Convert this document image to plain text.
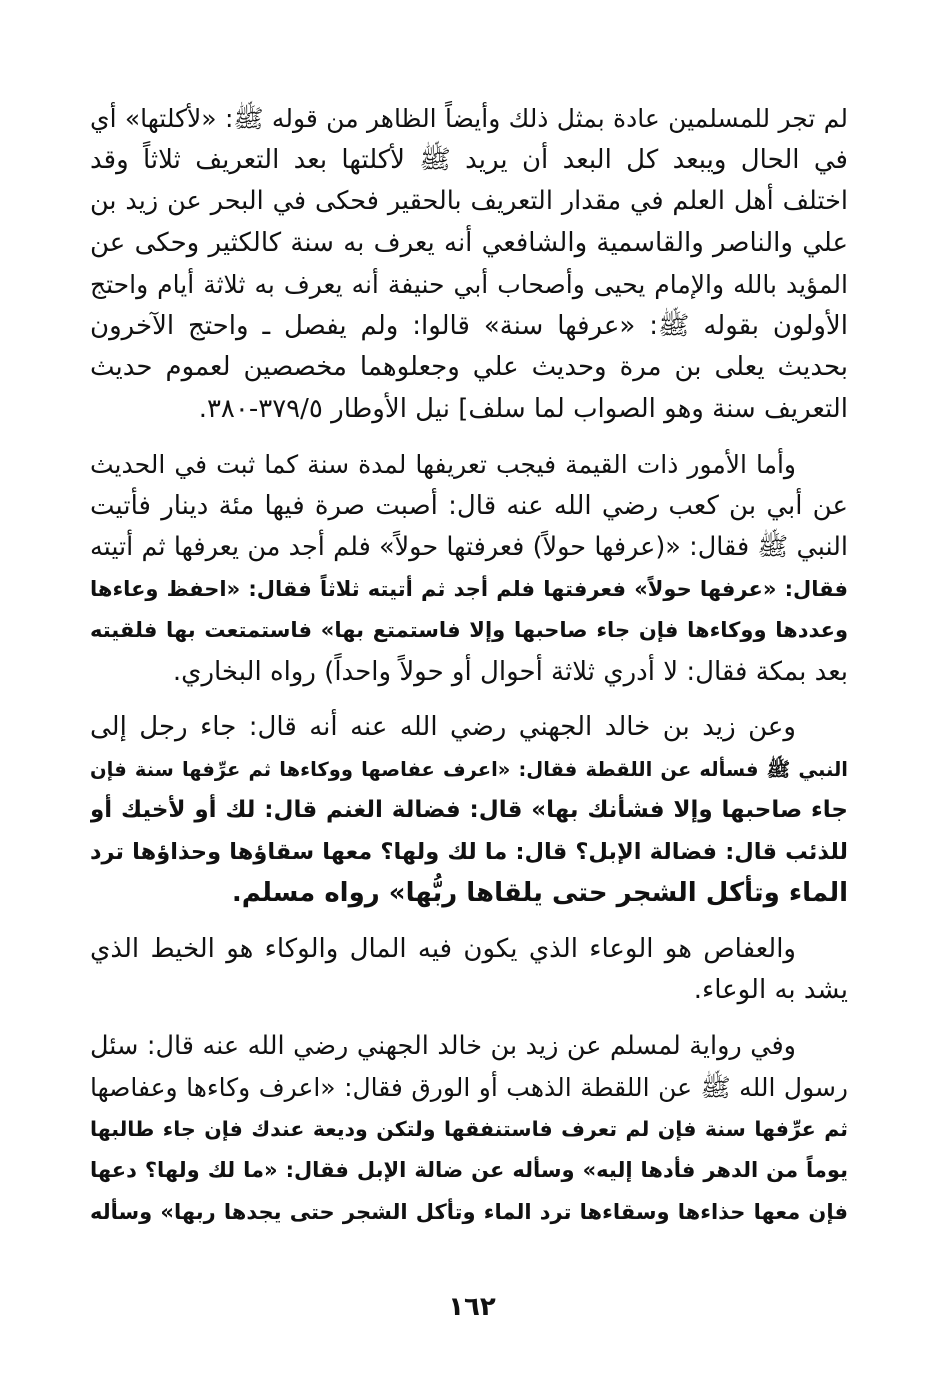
لم تجر للمسلمين عادة بمثل ذلك وأيضاً الظاهر من قوله ﷺ: «لأكلتها» أي
في الحال ويبعد كل البعد أن يريد ﷺ لأكلتها بعد التعريف ثلاثاً وقد
اختلف أهل العلم في مقدار التعريف بالحقير فحكى في البحر عن زيد بن
علي والناصر والقاسمية والشافعي أنه يعرف به سنة كالكثير وحكى عن
المؤيد بالله والإمام يحيى وأصحاب أبي حنيفة أنه يعرف به ثلاثة أيام واحتج
الأولون بقوله ﷺ: «عرفها سنة» قالوا: ولم يفصل ـ واحتج الآخرون
بحديث يعلى بن مرة وحديث علي وجعلوهما مخصصين لعموم حديث
التعريف سنة وهو الصواب لما سلف] نيل الأوطار ٣٧٩/٥-٣٨٠.
وأما الأمور ذات القيمة فيجب تعريفها لمدة سنة كما ثبت في الحديث
عن أبي بن كعب رضي الله عنه قال: أصبت صرة فيها مئة دينار فأتيت
النبي ﷺ فقال: «(عرفها حولاً) فعرفتها حولاً» فلم أجد من يعرفها ثم أتيته
فقال: «عرفها حولاً» فعرفتها فلم أجد ثم أتيته ثلاثاً فقال: «احفظ وعاءها
وعددها ووكاءها فإن جاء صاحبها وإلا فاستمتع بها» فاستمتعت بها فلقيته
بعد بمكة فقال: لا أدري ثلاثة أحوال أو حولاً واحداً) رواه البخاري.
وعن زيد بن خالد الجهني رضي الله عنه أنه قال: جاء رجل إلى
النبي ﷺ فسأله عن اللقطة فقال: «اعرف عفاصها ووكاءها ثم عرِّفها سنة فإن
جاء صاحبها وإلا فشأنك بها» قال: فضالة الغنم قال: لك أو لأخيك أو
للذئب قال: فضالة الإبل؟ قال: ما لك ولها؟ معها سقاؤها وحذاؤها ترد
الماء وتأكل الشجر حتى يلقاها ربُّها» رواه مسلم.
والعفاص هو الوعاء الذي يكون فيه المال والوكاء هو الخيط الذي
يشد به الوعاء.
وفي رواية لمسلم عن زيد بن خالد الجهني رضي الله عنه قال: سئل
رسول الله ﷺ عن اللقطة الذهب أو الورق فقال: «اعرف وكاءها وعفاصها
ثم عرِّفها سنة فإن لم تعرف فاستنفقها ولتكن وديعة عندك فإن جاء طالبها
يوماً من الدهر فأدها إليه» وسأله عن ضالة الإبل فقال: «ما لك ولها؟ دعها
فإن معها حذاءها وسقاءها ترد الماء وتأكل الشجر حتى يجدها ربها» وسأله
١٦٢
